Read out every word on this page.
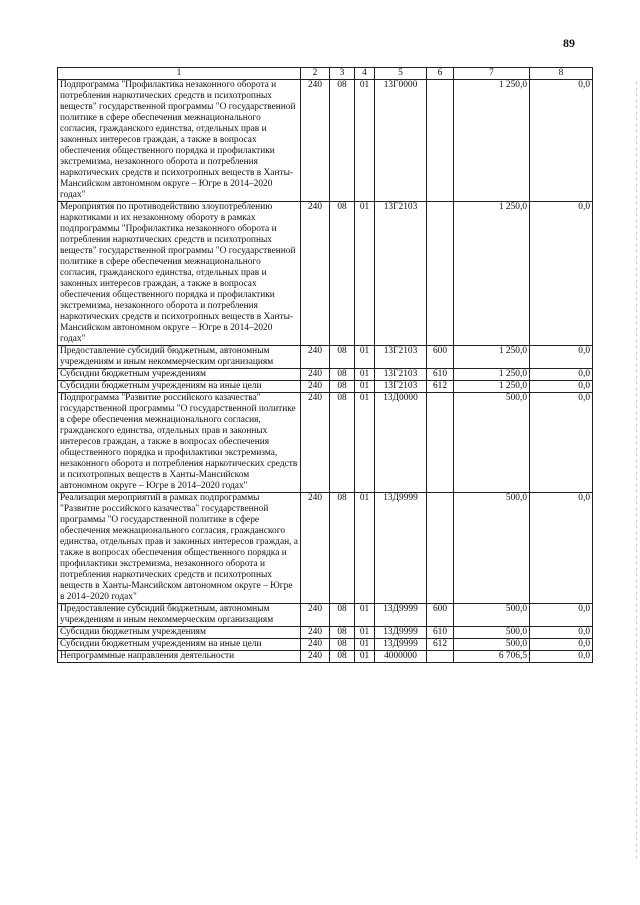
89
1	2	3	4	5	6	7	8
Подпрограмма "Профилактика незаконного оборота и потребления наркотических средств и психотропных веществ" государственной программы "О государственной политике в сфере обеспечения межнационального согласия, гражданского единства, отдельных прав и законных интересов граждан, а также в вопросах обеспечения общественного порядка и профилактики экстремизма, незаконного оборота и потребления наркотических средств и психотропных веществ в Ханты-Мансийском автономном округе – Югре в 2014–2020 годах"	240	08	01	13Г0000		1 250,0	0,0
Мероприятия по противодействию злоупотреблению наркотиками и их незаконному обороту в рамках подпрограммы "Профилактика незаконного оборота и потребления наркотических средств и психотропных веществ" государственной программы "О государственной политике в сфере обеспечения межнационального согласия, гражданского единства, отдельных прав и законных интересов граждан, а также в вопросах обеспечения общественного порядка и профилактики экстремизма, незаконного оборота и потребления наркотических средств и психотропных веществ в Ханты-Мансийском автономном округе – Югре в 2014–2020 годах"	240	08	01	13Г2103		1 250,0	0,0
Предоставление субсидий бюджетным, автономным учреждениям и иным некоммерческим организациям	240	08	01	13Г2103	600	1 250,0	0,0
Субсидии бюджетным учреждениям	240	08	01	13Г2103	610	1 250,0	0,0
Субсидии бюджетным учреждениям на иные цели	240	08	01	13Г2103	612	1 250,0	0,0
Подпрограмма "Развитие российского казачества" государственной программы "О государственной политике в сфере обеспечения межнационального согласия, гражданского единства, отдельных прав и законных интересов граждан, а также в вопросах обеспечения общественного порядка и профилактики экстремизма, незаконного оборота и потребления наркотических средств и психотропных веществ в Ханты-Мансийском автономном округе – Югре в 2014–2020 годах"	240	08	01	13Д0000		500,0	0,0
Реализация мероприятий в рамках подпрограммы "Развитие российского казачества" государственной программы "О государственной политике в сфере обеспечения межнационального согласия, гражданского единства, отдельных прав и законных интересов граждан, а также в вопросах обеспечения общественного порядка и профилактики экстремизма, незаконного оборота и потребления наркотических средств и психотропных веществ в Ханты-Мансийском автономном округе – Югре в 2014–2020 годах"	240	08	01	13Д9999		500,0	0,0
Предоставление субсидий бюджетным, автономным учреждениям и иным некоммерческим организациям	240	08	01	13Д9999	600	500,0	0,0
Субсидии бюджетным учреждениям	240	08	01	13Д9999	610	500,0	0,0
Субсидии бюджетным учреждениям на иные цели	240	08	01	13Д9999	612	500,0	0,0
Непрограммные направления деятельности	240	08	01	4000000		6 706,5	0,0
